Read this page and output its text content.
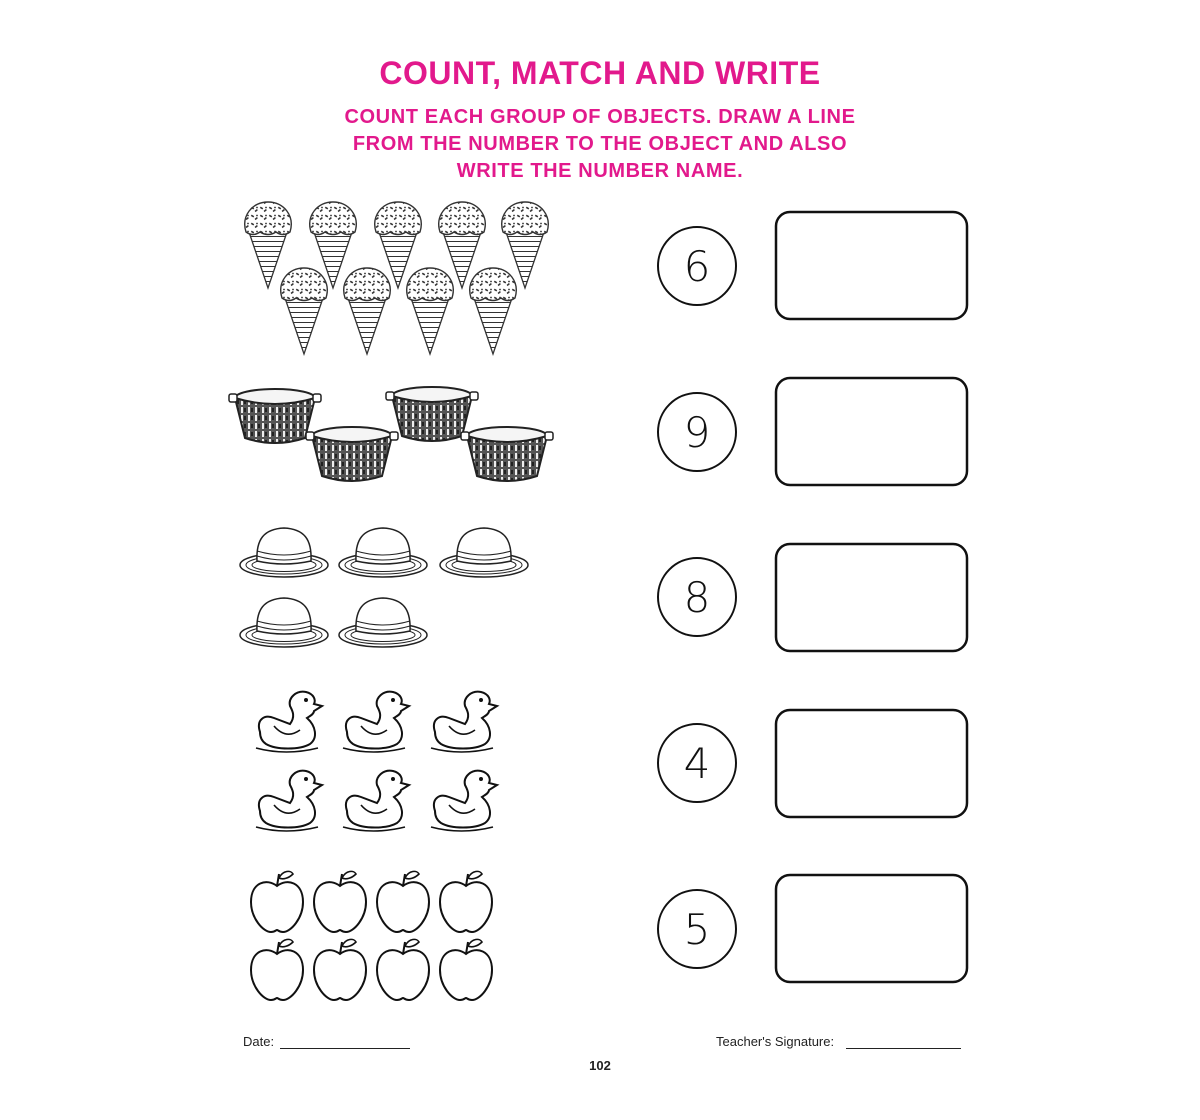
COUNT, MATCH AND WRITE
COUNT EACH GROUP OF OBJECTS. DRAW A LINE
FROM THE NUMBER TO THE OBJECT AND ALSO
WRITE THE NUMBER NAME.
6
9
8
4
5
Date:	Teacher's Signature:
102
